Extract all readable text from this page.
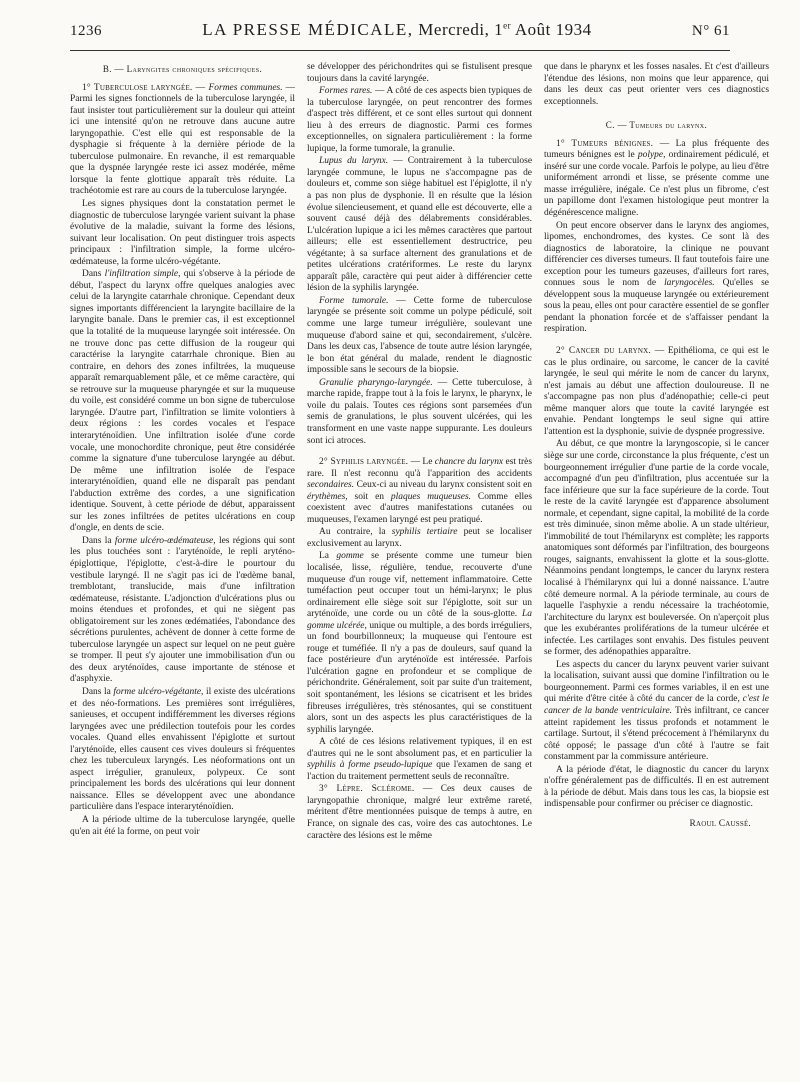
1236	LA PRESSE MÉDICALE, Mercredi, 1er Août 1934	N° 61
B. — Laryngites chroniques spécifiques.

1° Tuberculose laryngée. — Formes communes. — Parmi les signes fonctionnels de la tuberculose laryngée, il faut insister tout particulièrement sur la douleur qui atteint ici une intensité qu'on ne retrouve dans aucune autre laryngopathie. C'est elle qui est responsable de la dysphagie si fréquente à la dernière période de la tuberculose pulmonaire. En revanche, il est remarquable que la dyspnée laryngée reste ici assez modérée, même lorsque la fente glottique apparaît très réduite. La trachéotomie est rare au cours de la tuberculose laryngée.

Les signes physiques dont la constatation permet le diagnostic de tuberculose laryngée varient suivant la phase évolutive de la maladie, suivant la forme des lésions, suivant leur localisation. On peut distinguer trois aspects principaux : l'infiltration simple, la forme ulcéro-œdémateuse, la forme ulcéro-végétante.

Dans l'infiltration simple, qui s'observe à la période de début, l'aspect du larynx offre quelques analogies avec celui de la laryngite catarrhale chronique. Cependant deux signes importants différencient la laryngite bacillaire de la laryngite banale. Dans le premier cas, il est exceptionnel que la totalité de la muqueuse laryngée soit intéressée. On ne trouve donc pas cette diffusion de la rougeur qui caractérise la laryngite catarrhale chronique. Bien au contraire, en dehors des zones infiltrées, la muqueuse apparaît remarquablement pâle, et ce même caractère, qui se retrouve sur la muqueuse pharyngée et sur la muqueuse du voile, est considéré comme un bon signe de tuberculose laryngée. D'autre part, l'infiltration se limite volontiers à deux régions : les cordes vocales et l'espace interaryténoïdien. Une infiltration isolée d'une corde vocale, une monochordite chronique, peut être considérée comme la signature d'une tuberculose laryngée au début. De même une infiltration isolée de l'espace interaryténoïdien, quand elle ne disparaît pas pendant l'abduction extrême des cordes, a une signification identique. Souvent, à cette période de début, apparaissent sur les zones infiltrées de petites ulcérations en coup d'ongle, en dents de scie.

Dans la forme ulcéro-œdémateuse, les régions qui sont les plus touchées sont : l'aryténoïde, le repli aryténo-épiglottique, l'épiglotte, c'est-à-dire le pourtour du vestibule laryngé. Il ne s'agit pas ici de l'œdème banal, tremblotant, translucide, mais d'une infiltration œdémateuse, résistante. L'adjonction d'ulcérations plus ou moins étendues et profondes, et qui ne siègent pas obligatoirement sur les zones œdématiées, l'abondance des sécrétions purulentes, achèvent de donner à cette forme de tuberculose laryngée un aspect sur lequel on ne peut guère se tromper. Il peut s'y ajouter une immobilisation d'un ou des deux aryténoïdes, cause importante de sténose et d'asphyxie.

Dans la forme ulcéro-végétante, il existe des ulcérations et des néo-formations. Les premières sont irrégulières, sanieuses, et occupent indifféremment les diverses régions laryngées avec une prédilection toutefois pour les cordes vocales. Quand elles envahissent l'épiglotte et surtout l'aryténoïde, elles causent ces vives douleurs si fréquentes chez les tuberculeux laryngés. Les néoformations ont un aspect irrégulier, granuleux, polypeux. Ce sont principalement les bords des ulcérations qui leur donnent naissance. Elles se développent avec une abondance particulière dans l'espace interaryténoïdien.

A la période ultime de la tuberculose laryngée, quelle qu'en ait été la forme, on peut voir

se développer des périchondrites qui se fistulisent presque toujours dans la cavité laryngée.

Formes rares. — A côté de ces aspects bien typiques de la tuberculose laryngée, on peut rencontrer des formes d'aspect très différent, et ce sont elles surtout qui donnent lieu à des erreurs de diagnostic. Parmi ces formes exceptionnelles, on signalera particulièrement : la forme lupique, la forme tumorale, la granulie.

Lupus du larynx. — Contrairement à la tuberculose laryngée commune, le lupus ne s'accompagne pas de douleurs et, comme son siège habituel est l'épiglotte, il n'y a pas non plus de dysphonie. Il en résulte que la lésion évolue silencieusement, et quand elle est découverte, elle a souvent causé déjà des délabrements considérables. L'ulcération lupique a ici les mêmes caractères que partout ailleurs; elle est essentiellement destructrice, peu végétante; à sa surface alternent des granulations et de petites ulcérations cratériformes. Le reste du larynx apparaît pâle, caractère qui peut aider à différencier cette lésion de la syphilis laryngée.

Forme tumorale. — Cette forme de tuberculose laryngée se présente soit comme un polype pédiculé, soit comme une large tumeur irrégulière, soulevant une muqueuse d'abord saine et qui, secondairement, s'ulcère. Dans les deux cas, l'absence de toute autre lésion laryngée, le bon état général du malade, rendent le diagnostic impossible sans le secours de la biopsie.

Granulie pharyngo-laryngée. — Cette tuberculose, à marche rapide, frappe tout à la fois le larynx, le pharynx, le voile du palais. Toutes ces régions sont parsemées d'un semis de granulations, le plus souvent ulcérées, qui les transforment en une vaste nappe suppurante. Les douleurs sont ici atroces.

2° Syphilis laryngée. — Le chancre du larynx est très rare. Il n'est reconnu qu'à l'apparition des accidents secondaires. Ceux-ci au niveau du larynx consistent soit en érythèmes, soit en plaques muqueuses. Comme elles coexistent avec d'autres manifestations cutanées ou muqueuses, l'examen laryngé est peu pratiqué.

Au contraire, la syphilis tertiaire peut se localiser exclusivement au larynx.

La gomme se présente comme une tumeur bien localisée, lisse, régulière, tendue, recouverte d'une muqueuse d'un rouge vif, nettement inflammatoire. Cette tuméfaction peut occuper tout un hémi-larynx; le plus ordinairement elle siège soit sur l'épiglotte, soit sur un aryténoïde, une corde ou un côté de la sous-glotte. La gomme ulcérée, unique ou multiple, a des bords irréguliers, un fond bourbillonneux; la muqueuse qui l'entoure est rouge et tuméfiée. Il n'y a pas de douleurs, sauf quand la face postérieure d'un aryténoïde est intéressée. Parfois l'ulcération gagne en profondeur et se complique de périchondrite. Généralement, soit par suite d'un traitement, soit spontanément, les lésions se cicatrisent et les brides fibreuses irrégulières, très sténosantes, qui se constituent alors, sont un des aspects les plus caractéristiques de la syphilis laryngée.

A côté de ces lésions relativement typiques, il en est d'autres qui ne le sont absolument pas, et en particulier la syphilis à forme pseudo-lupique que l'examen de sang et l'action du traitement permettent seuls de reconnaître.

3° Lèpre. Sclérome. — Ces deux causes de laryngopathie chronique, malgré leur extrême rareté, méritent d'être mentionnées puisque de temps à autre, en France, on signale des cas, voire des cas autochtones. Le caractère des lésions est le même

que dans le pharynx et les fosses nasales. Et c'est d'ailleurs l'étendue des lésions, non moins que leur apparence, qui dans les deux cas peut orienter vers ces diagnostics exceptionnels.

C. — Tumeurs du larynx.

1° Tumeurs bénignes. — La plus fréquente des tumeurs bénignes est le polype, ordinairement pédiculé, et inséré sur une corde vocale. Parfois le polype, au lieu d'être uniformément arrondi et lisse, se présente comme une masse irrégulière, inégale. Ce n'est plus un fibrome, c'est un papillome dont l'examen histologique peut montrer la dégénérescence maligne.

On peut encore observer dans le larynx des angiomes, lipomes, enchondromes, des kystes. Ce sont là des diagnostics de laboratoire, la clinique ne pouvant différencier ces diverses tumeurs. Il faut toutefois faire une exception pour les tumeurs gazeuses, d'ailleurs fort rares, connues sous le nom de laryngocèles. Qu'elles se développent sous la muqueuse laryngée ou extérieurement sous la peau, elles ont pour caractère essentiel de se gonfler pendant la phonation forcée et de s'affaisser pendant la respiration.

2° Cancer du larynx. — Epithélioma, ce qui est le cas le plus ordinaire, ou sarcome, le cancer de la cavité laryngée, le seul qui mérite le nom de cancer du larynx, n'est jamais au début une affection douloureuse. Il ne s'accompagne pas non plus d'adénopathie; celle-ci peut même manquer alors que toute la cavité laryngée est envahie. Pendant longtemps le seul signe qui attire l'attention est la dysphonie, suivie de dyspnée progressive.

Au début, ce que montre la laryngoscopie, si le cancer siège sur une corde, circonstance la plus fréquente, c'est un bourgeonnement irrégulier d'une partie de la corde vocale, accompagné d'un peu d'infiltration, plus accentuée sur la face inférieure que sur la face supérieure de la corde. Tout le reste de la cavité laryngée est d'apparence absolument normale, et cependant, signe capital, la mobilité de la corde est très diminuée, sinon même abolie. A un stade ultérieur, l'immobilité de tout l'hémilarynx est complète; les rapports anatomiques sont déformés par l'infiltration, des bourgeons rouges, saignants, envahissent la glotte et la sous-glotte. Néanmoins pendant longtemps, le cancer du larynx restera localisé à l'hémilarynx qui lui a donné naissance. L'autre côté demeure normal. A la période terminale, au cours de laquelle l'asphyxie a rendu nécessaire la trachéotomie, l'architecture du larynx est bouleversée. On n'aperçoit plus que les exubérantes proliférations de la tumeur ulcérée et infectée. Les cartilages sont envahis. Des fistules peuvent se former, des adénopathies apparaître.

Les aspects du cancer du larynx peuvent varier suivant la localisation, suivant aussi que domine l'infiltration ou le bourgeonnement. Parmi ces formes variables, il en est une qui mérite d'être citée à côté du cancer de la corde, c'est le cancer de la bande ventriculaire. Très infiltrant, ce cancer atteint rapidement les tissus profonds et notamment le cartilage. Surtout, il s'étend précocement à l'hémilarynx du côté opposé; le passage d'un côté à l'autre se fait constamment par la commissure antérieure.

A la période d'état, le diagnostic du cancer du larynx n'offre généralement pas de difficultés. Il en est autrement à la période de début. Mais dans tous les cas, la biopsie est indispensable pour confirmer ou préciser ce diagnostic.

Raoul Caussé.
